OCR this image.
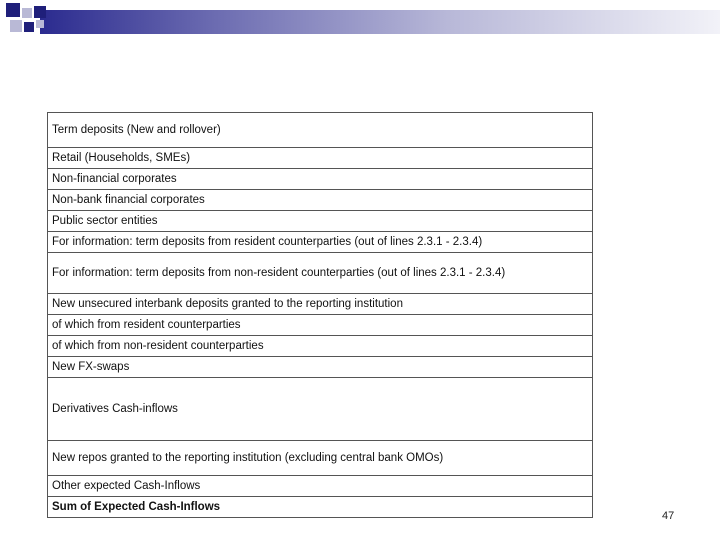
Term deposits (New and rollover)
Retail (Households, SMEs)
Non-financial corporates
Non-bank financial corporates
Public sector entities
For information: term deposits from resident counterparties (out of lines 2.3.1 - 2.3.4)
For information: term deposits from non-resident counterparties (out of lines 2.3.1 - 2.3.4)
New unsecured interbank deposits granted to the reporting institution
of which from resident counterparties
of which from non-resident counterparties
New FX-swaps
Derivatives Cash-inflows
New repos granted to the reporting institution (excluding central bank OMOs)
Other expected Cash-Inflows
Sum of Expected Cash-Inflows
47
